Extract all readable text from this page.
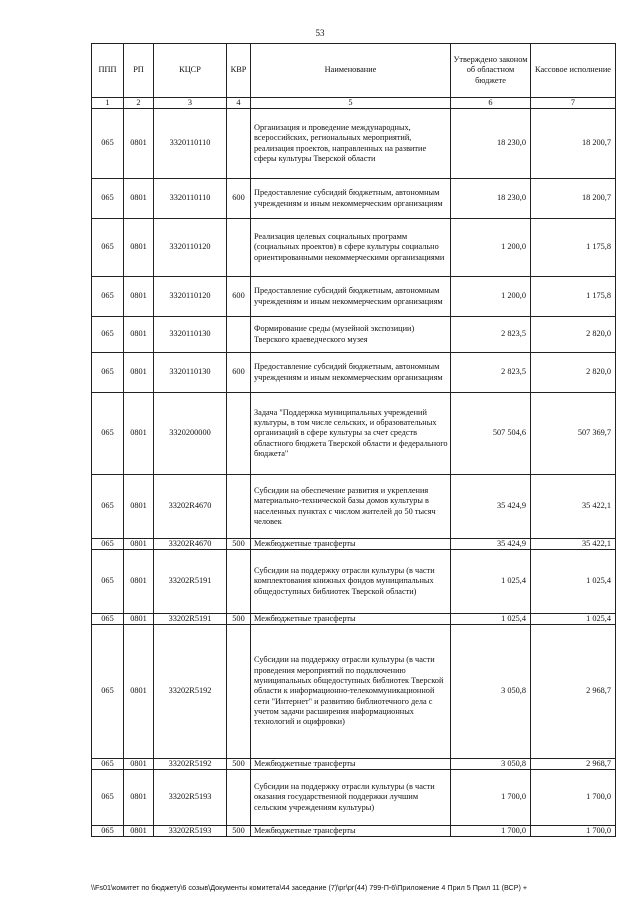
53
ППП	РП	КЦСР	КВР	Наименование	Утверждено законом об областном бюджете	Кассовое исполнение
1	2	3	4	5	6	7
065	0801	3320110110		Организация и проведение международных, всероссийских, региональных мероприятий, реализация проектов, направленных на развитие сферы культуры Тверской области	18 230,0	18 200,7
065	0801	3320110110	600	Предоставление субсидий бюджетным, автономным учреждениям и иным некоммерческим организациям	18 230,0	18 200,7
065	0801	3320110120		Реализация целевых социальных программ (социальных проектов) в сфере культуры социально ориентированными некоммерческими организациями	1 200,0	1 175,8
065	0801	3320110120	600	Предоставление субсидий бюджетным, автономным учреждениям и иным некоммерческим организациям	1 200,0	1 175,8
065	0801	3320110130		Формирование среды (музейной экспозиции) Тверского краеведческого музея	2 823,5	2 820,0
065	0801	3320110130	600	Предоставление субсидий бюджетным, автономным учреждениям и иным некоммерческим организациям	2 823,5	2 820,0
065	0801	3320200000		Задача "Поддержка муниципальных учреждений культуры, в том числе сельских, и образовательных организаций в сфере культуры за счет средств областного бюджета Тверской области и федерального бюджета"	507 504,6	507 369,7
065	0801	33202R4670		Субсидии на обеспечение развития и укрепления материально-технической базы домов культуры в населенных пунктах с числом жителей до 50 тысяч человек	35 424,9	35 422,1
065	0801	33202R4670	500	Межбюджетные трансферты	35 424,9	35 422,1
065	0801	33202R5191		Субсидии на поддержку отрасли культуры (в части комплектования книжных фондов муниципальных общедоступных библиотек Тверской области)	1 025,4	1 025,4
065	0801	33202R5191	500	Межбюджетные трансферты	1 025,4	1 025,4
065	0801	33202R5192		Субсидии на поддержку отрасли культуры (в части проведения мероприятий по подключению муниципальных общедоступных библиотек Тверской области к информационно-телекоммуникационной сети "Интернет" и развитию библиотечного дела с учетом задачи расширения информационных технологий и оцифровки)	3 050,8	2 968,7
065	0801	33202R5192	500	Межбюджетные трансферты	3 050,8	2 968,7
065	0801	33202R5193		Субсидии на поддержку отрасли культуры (в части оказания государственной поддержки лучшим сельским учреждениям культуры)	1 700,0	1 700,0
065	0801	33202R5193	500	Межбюджетные трансферты	1 700,0	1 700,0
\\Fs01\комитет по бюджету\6 созыв\Документы комитета\44 заседание (7)\рг\рг(44) 799-П-6\Приложение 4 Прил 5 Прил 11 (ВСР) +
